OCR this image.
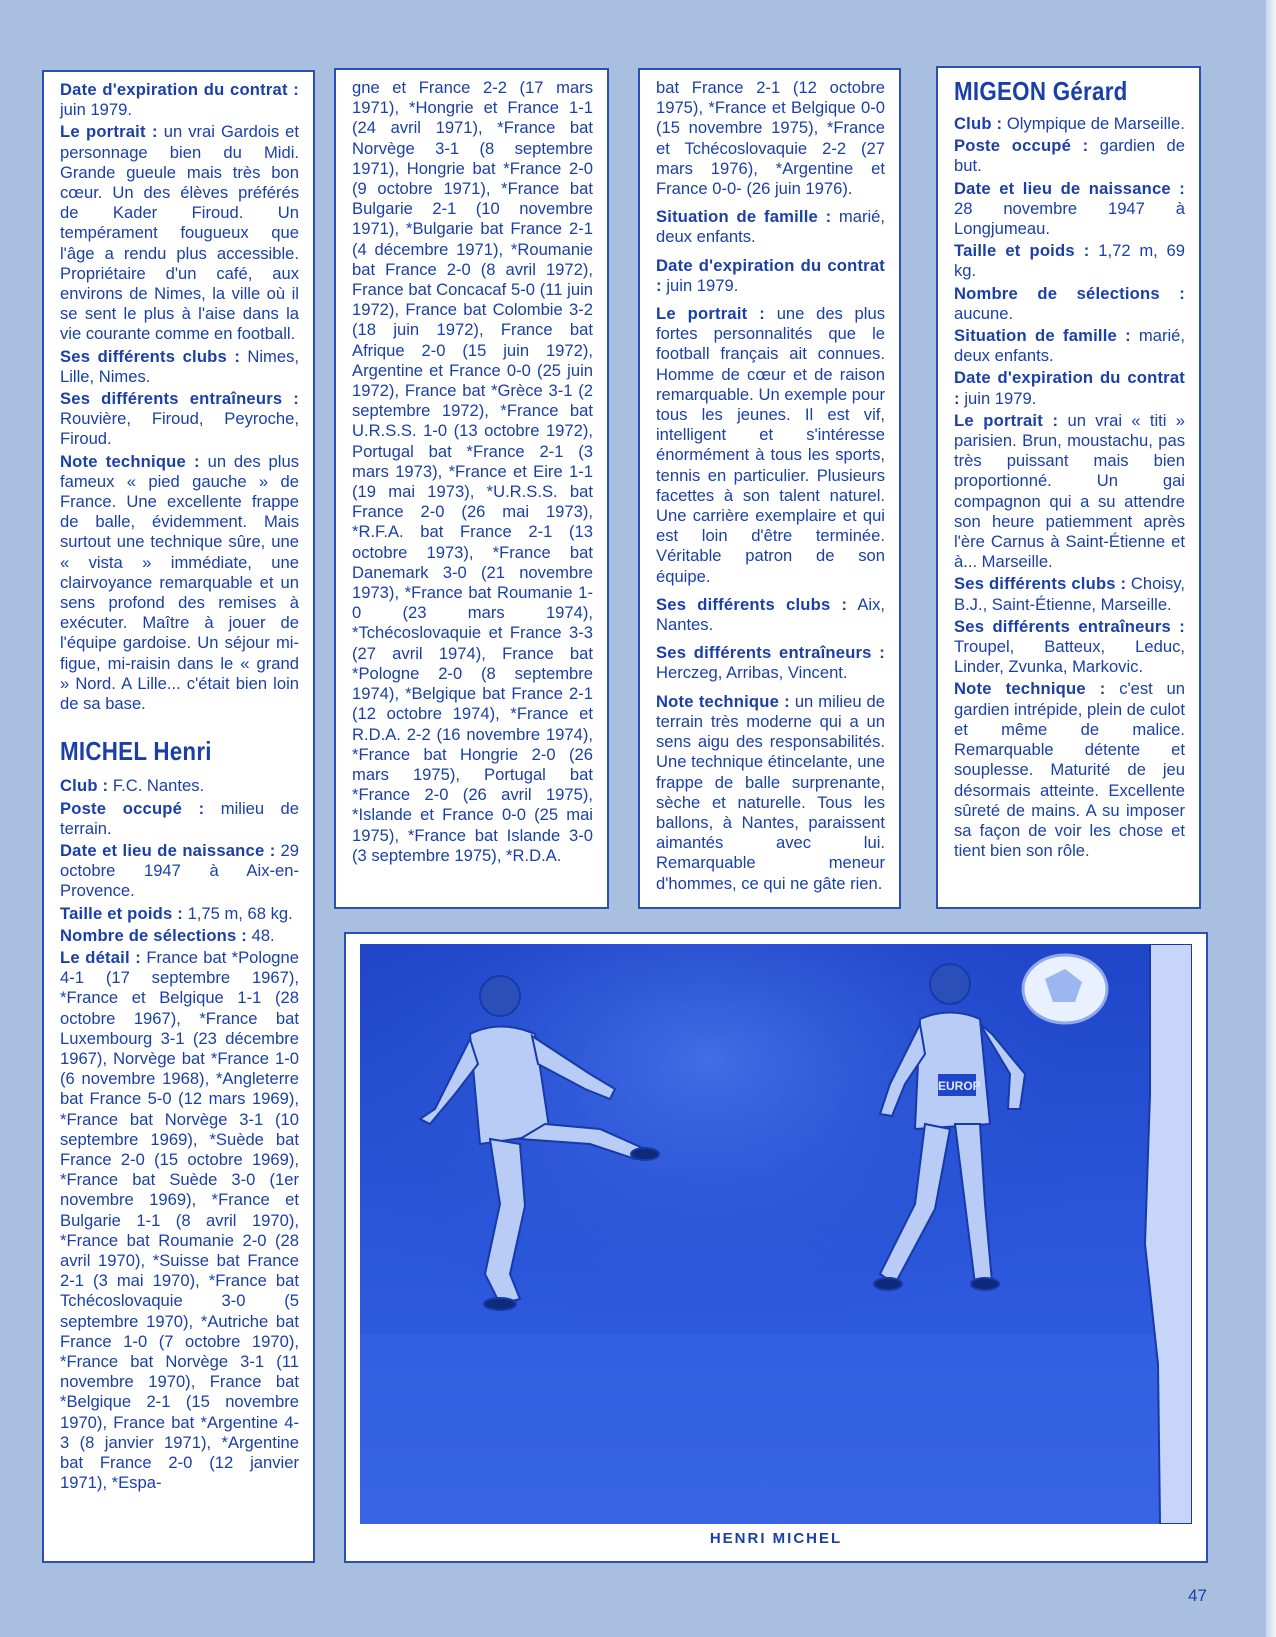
Date d'expiration du contrat : juin 1979.

Le portrait : un vrai Gardois et personnage bien du Midi. Grande gueule mais très bon cœur. Un des élèves préférés de Kader Firoud. Un tempérament fougueux que l'âge a rendu plus accessible. Propriétaire d'un café, aux environs de Nimes, la ville où il se sent le plus à l'aise dans la vie courante comme en football.

Ses différents clubs : Nimes, Lille, Nimes.

Ses différents entraîneurs : Rouvière, Firoud, Peyroche, Firoud.

Note technique : un des plus fameux « pied gauche » de France. Une excellente frappe de balle, évidemment. Mais surtout une technique sûre, une « vista » immédiate, une clairvoyance remarquable et un sens profond des remises à exécuter. Maître à jouer de l'équipe gardoise. Un séjour mi-figue, mi-raisin dans le « grand » Nord. A Lille... c'était bien loin de sa base.

MICHEL Henri

Club : F.C. Nantes.

Poste occupé : milieu de terrain.

Date et lieu de naissance : 29 octobre 1947 à Aix-en-Provence.

Taille et poids : 1,75 m, 68 kg.

Nombre de sélections : 48.

Le détail : France bat *Pologne 4-1 (17 septembre 1967), *France et Belgique 1-1 (28 octobre 1967), *France bat Luxembourg 3-1 (23 décembre 1967), Norvège bat *France 1-0 (6 novembre 1968), *Angleterre bat France 5-0 (12 mars 1969), *France bat Norvège 3-1 (10 septembre 1969), *Suède bat France 2-0 (15 octobre 1969), *France bat Suède 3-0 (1er novembre 1969), *France et Bulgarie 1-1 (8 avril 1970), *France bat Roumanie 2-0 (28 avril 1970), *Suisse bat France 2-1 (3 mai 1970), *France bat Tchécoslovaquie 3-0 (5 septembre 1970), *Autriche bat France 1-0 (7 octobre 1970), *France bat Norvège 3-1 (11 novembre 1970), France bat *Belgique 2-1 (15 novembre 1970), France bat *Argentine 4-3 (8 janvier 1971), *Argentine bat France 2-0 (12 janvier 1971), *Espa-

gne et France 2-2 (17 mars 1971), *Hongrie et France 1-1 (24 avril 1971), *France bat Norvège 3-1 (8 septembre 1971), Hongrie bat *France 2-0 (9 octobre 1971), *France bat Bulgarie 2-1 (10 novembre 1971), *Bulgarie bat France 2-1 (4 décembre 1971), *Roumanie bat France 2-0 (8 avril 1972), France bat Concacaf 5-0 (11 juin 1972), France bat Colombie 3-2 (18 juin 1972), France bat Afrique 2-0 (15 juin 1972), Argentine et France 0-0 (25 juin 1972), France bat *Grèce 3-1 (2 septembre 1972), *France bat U.R.S.S. 1-0 (13 octobre 1972), Portugal bat *France 2-1 (3 mars 1973), *France et Eire 1-1 (19 mai 1973), *U.R.S.S. bat France 2-0 (26 mai 1973), *R.F.A. bat France 2-1 (13 octobre 1973), *France bat Danemark 3-0 (21 novembre 1973), *France bat Roumanie 1-0 (23 mars 1974), *Tchécoslovaquie et France 3-3 (27 avril 1974), France bat *Pologne 2-0 (8 septembre 1974), *Belgique bat France 2-1 (12 octobre 1974), *France et R.D.A. 2-2 (16 novembre 1974), *France bat Hongrie 2-0 (26 mars 1975), Portugal bat *France 2-0 (26 avril 1975), *Islande et France 0-0 (25 mai 1975), *France bat Islande 3-0 (3 septembre 1975), *R.D.A.

bat France 2-1 (12 octobre 1975), *France et Belgique 0-0 (15 novembre 1975), *France et Tchécoslovaquie 2-2 (27 mars 1976), *Argentine et France 0-0- (26 juin 1976).

Situation de famille : marié, deux enfants.

Date d'expiration du contrat : juin 1979.

Le portrait : une des plus fortes personnalités que le football français ait connues. Homme de cœur et de raison remarquable. Un exemple pour tous les jeunes. Il est vif, intelligent et s'intéresse énormément à tous les sports, tennis en particulier. Plusieurs facettes à son talent naturel. Une carrière exemplaire et qui est loin d'être terminée. Véritable patron de son équipe.

Ses différents clubs : Aix, Nantes.

Ses différents entraîneurs : Herczeg, Arribas, Vincent.

Note technique : un milieu de terrain très moderne qui a un sens aigu des responsabilités. Une technique étincelante, une frappe de balle surprenante, sèche et naturelle. Tous les ballons, à Nantes, paraissent aimantés avec lui. Remarquable meneur d'hommes, ce qui ne gâte rien.

MIGEON Gérard

Club : Olympique de Marseille.

Poste occupé : gardien de but.

Date et lieu de naissance : 28 novembre 1947 à Longjumeau.

Taille et poids : 1,72 m, 69 kg.

Nombre de sélections : aucune.

Situation de famille : marié, deux enfants.

Date d'expiration du contrat : juin 1979.

Le portrait : un vrai « titi » parisien. Brun, moustachu, pas très puissant mais bien proportionné. Un gai compagnon qui a su attendre son heure patiemment après l'ère Carnus à Saint-Étienne et à... Marseille.

Ses différents clubs : Choisy, B.J., Saint-Étienne, Marseille.

Ses différents entraîneurs : Troupel, Batteux, Leduc, Linder, Zvunka, Markovic.

Note technique : c'est un gardien intrépide, plein de culot et même de malice. Remarquable détente et souplesse. Maturité de jeu désormais atteinte. Excellente sûreté de mains. A su imposer sa façon de voir les chose et tient bien son rôle.

EUROP
HENRI MICHEL
47
